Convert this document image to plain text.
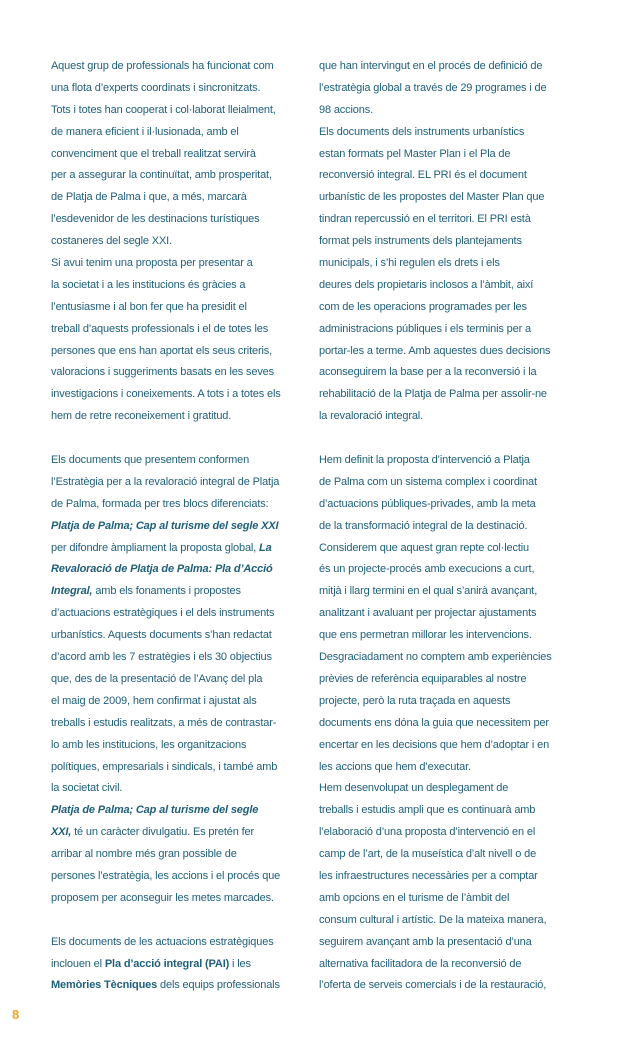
Aquest grup de professionals ha funcionat com
una flota d’experts coordinats i sincronitzats.
Tots i totes han cooperat i col·laborat lleialment,
de manera eficient i il·lusionada, amb el
convenciment que el treball realitzat servirà
per a assegurar la continuïtat, amb prosperitat,
de Platja de Palma i que, a més, marcarà
l’esdevenidor de les destinacions turístiques
costaneres del segle XXI.
Si avui tenim una proposta per presentar a
la societat i a les institucions és gràcies a
l’entusiasme i al bon fer que ha presidit el
treball d’aquests professionals i el de totes les
persones que ens han aportat els seus criteris,
valoracions i suggeriments basats en les seves
investigacions i coneixements. A tots i a totes els
hem de retre reconeixement i gratitud.
Els documents que presentem conformen
l’Estratègia per a la revaloració integral de Platja
de Palma, formada per tres blocs diferenciats:
Platja de Palma; Cap al turisme del segle XXI
per difondre àmpliament la proposta global, La
Revaloració de Platja de Palma: Pla d’Acció
Integral, amb els fonaments i propostes
d’actuacions estratègiques i el dels instruments
urbanístics. Aquests documents s’han redactat
d’acord amb les 7 estratègies i els 30 objectius
que, des de la presentació de l’Avanç del pla
el maig de 2009, hem confirmat i ajustat als
treballs i estudis realitzats, a més de contrastar-
lo amb les institucions, les organitzacions
polítiques, empresarials i sindicals, i també amb
la societat civil.
Platja de Palma; Cap al turisme del segle
XXI, té un caràcter divulgatiu. Es pretén fer
arribar al nombre més gran possible de
persones l’estratègia, les accions i el procés que
proposem per aconseguir les metes marcades.
Els documents de les actuacions estratègiques
inclouen el Pla d’acció integral (PAI) i les
Memòries Tècniques dels equips professionals
que han intervingut en el procés de definició de
l’estratègia global a través de 29 programes i de
98 accions.
Els documents dels instruments urbanístics
estan formats pel Master Plan i el Pla de
reconversió integral. EL PRI és el document
urbanístic de les propostes del Master Plan que
tindran repercussió en el territori. El PRI està
format pels instruments dels plantejaments
municipals, i s’hi regulen els drets i els
deures dels propietaris inclosos a l’àmbit, així
com de les operacions programades per les
administracions públiques i els terminis per a
portar-les a terme. Amb aquestes dues decisions
aconseguirem la base per a la reconversió i la
rehabilitació de la Platja de Palma per assolir-ne
la revaloració integral.
Hem definit la proposta d’intervenció a Platja
de Palma com un sistema complex i coordinat
d’actuacions públiques-privades, amb la meta
de la transformació integral de la destinació.
Considerem que aquest gran repte col·lectiu
és un projecte-procés amb execucions a curt,
mitjà i llarg termini en el qual s’anirà avançant,
analitzant i avaluant per projectar ajustaments
que ens permetran millorar les intervencions.
Desgraciadament no comptem amb experiències
prèvies de referència equiparables al nostre
projecte, però la ruta traçada en aquests
documents ens dóna la guia que necessitem per
encertar en les decisions que hem d’adoptar i en
les accions que hem d’executar.
Hem desenvolupat un desplegament de
treballs i estudis ampli que es continuarà amb
l’elaboració d’una proposta d’intervenció en el
camp de l’art, de la museística d’alt nivell o de
les infraestructures necessàries per a comptar
amb opcions en el turisme de l’àmbit del
consum cultural i artístic. De la mateixa manera,
seguirem avançant amb la presentació d’una
alternativa facilitadora de la reconversió de
l’oferta de serveis comercials i de la restauració,
8
